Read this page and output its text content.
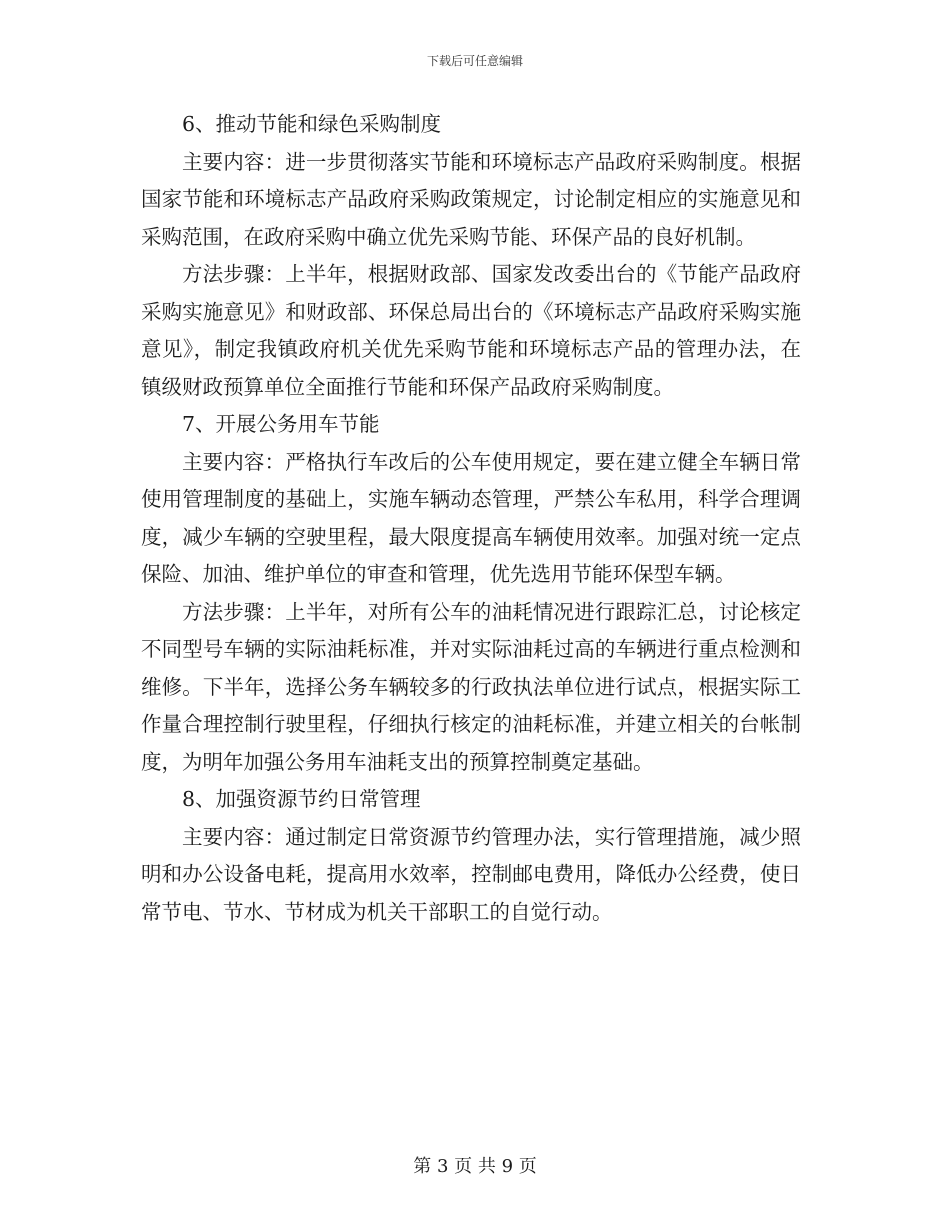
下载后可任意编辑

6、推动节能和绿色采购制度

主要内容：进一步贯彻落实节能和环境标志产品政府采购制度。根据国家节能和环境标志产品政府采购政策规定，讨论制定相应的实施意见和采购范围，在政府采购中确立优先采购节能、环保产品的良好机制。

方法步骤：上半年，根据财政部、国家发改委出台的《节能产品政府采购实施意见》和财政部、环保总局出台的《环境标志产品政府采购实施意见》，制定我镇政府机关优先采购节能和环境标志产品的管理办法，在镇级财政预算单位全面推行节能和环保产品政府采购制度。

7、开展公务用车节能

主要内容：严格执行车改后的公车使用规定，要在建立健全车辆日常使用管理制度的基础上，实施车辆动态管理，严禁公车私用，科学合理调度，减少车辆的空驶里程，最大限度提高车辆使用效率。加强对统一定点保险、加油、维护单位的审查和管理，优先选用节能环保型车辆。

方法步骤：上半年，对所有公车的油耗情况进行跟踪汇总，讨论核定不同型号车辆的实际油耗标准，并对实际油耗过高的车辆进行重点检测和维修。下半年，选择公务车辆较多的行政执法单位进行试点，根据实际工作量合理控制行驶里程，仔细执行核定的油耗标准，并建立相关的台帐制度，为明年加强公务用车油耗支出的预算控制奠定基础。

8、加强资源节约日常管理

主要内容：通过制定日常资源节约管理办法，实行管理措施，减少照明和办公设备电耗，提高用水效率，控制邮电费用，降低办公经费，使日常节电、节水、节材成为机关干部职工的自觉行动。

第 3 页 共 9 页
